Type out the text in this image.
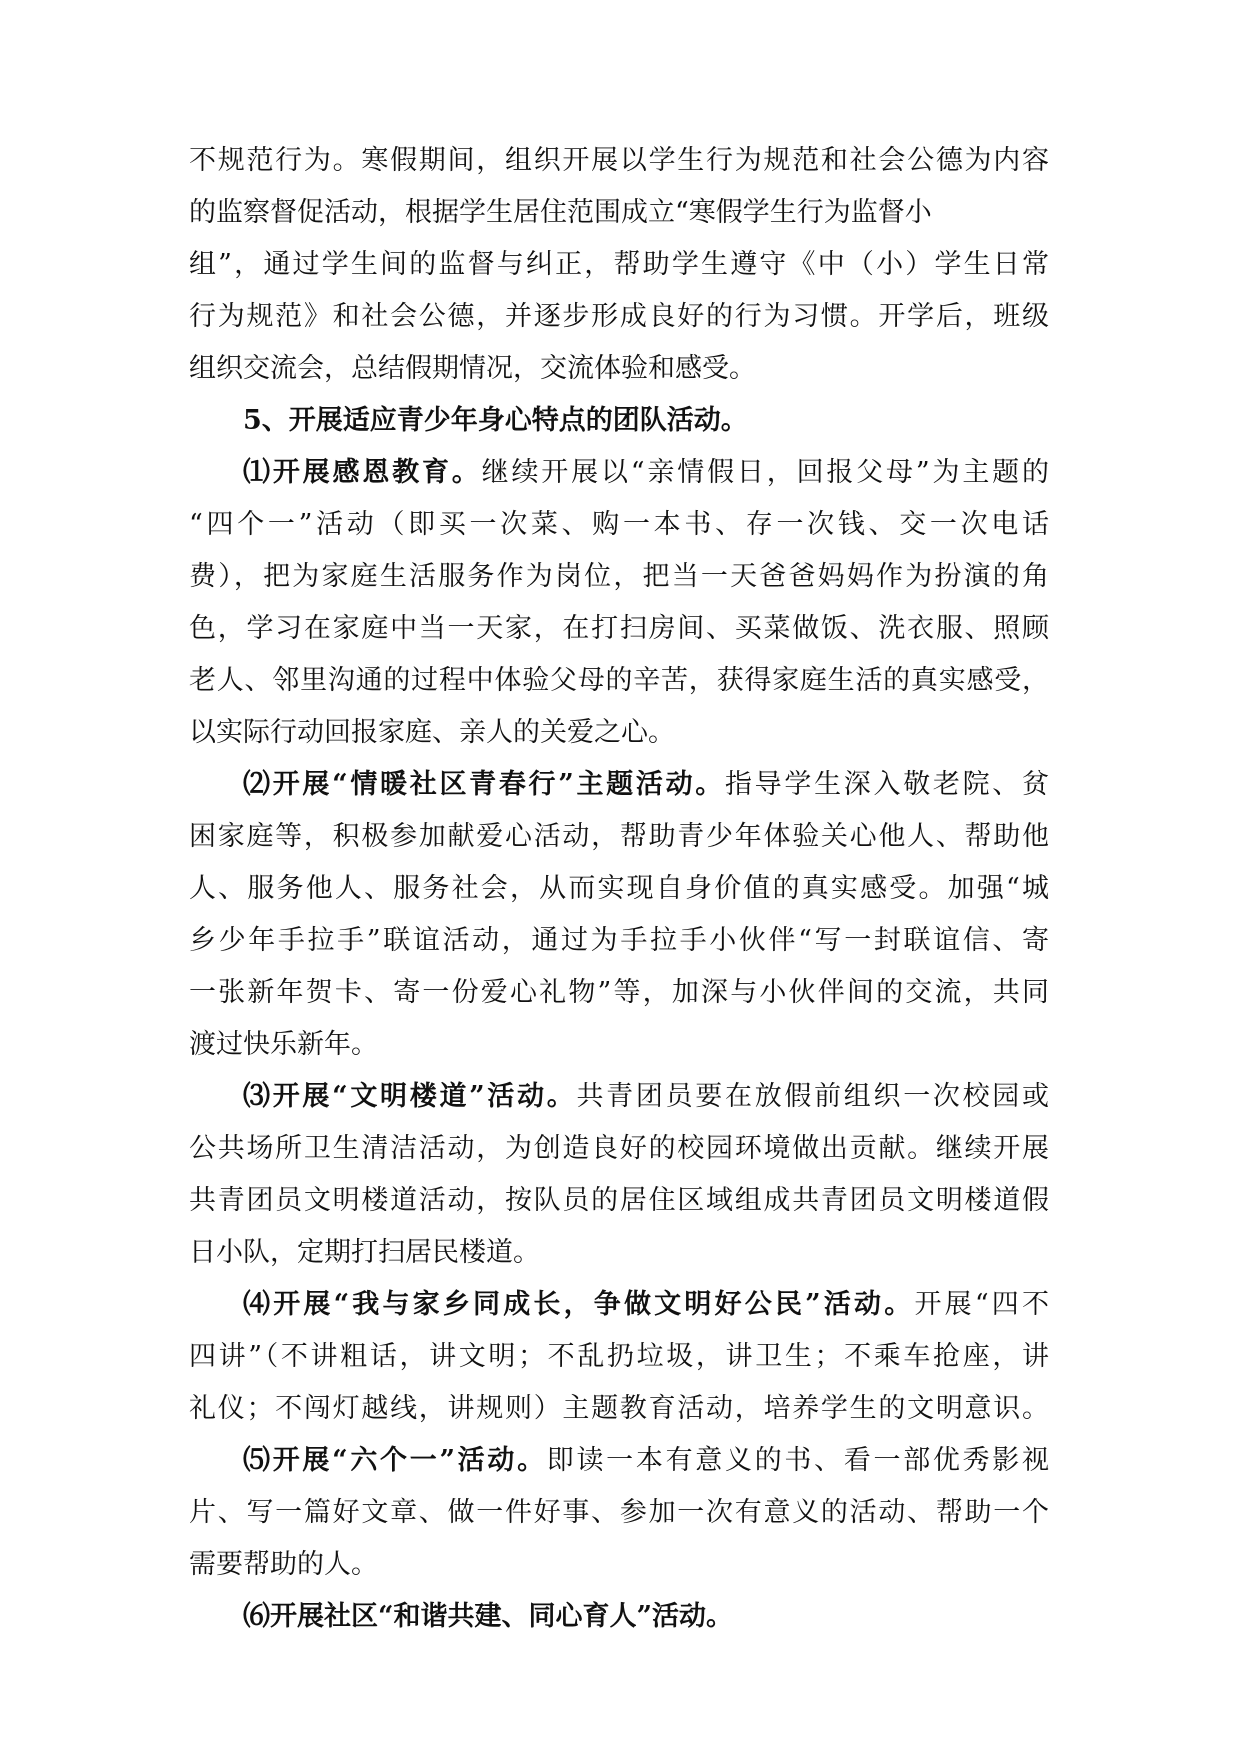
不规范行为。寒假期间，组织开展以学生行为规范和社会公德为内容
的监察督促活动，根据学生居住范围成立“寒假学生行为监督小
组”，通过学生间的监督与纠正，帮助学生遵守《中（小）学生日常
行为规范》和社会公德，并逐步形成良好的行为习惯。开学后，班级
组织交流会，总结假期情况，交流体验和感受。
5、开展适应青少年身心特点的团队活动。
⑴开展感恩教育。继续开展以“亲情假日，回报父母”为主题的
“四个一”活动（即买一次菜、购一本书、存一次钱、交一次电话
费），把为家庭生活服务作为岗位，把当一天爸爸妈妈作为扮演的角
色，学习在家庭中当一天家，在打扫房间、买菜做饭、洗衣服、照顾
老人、邻里沟通的过程中体验父母的辛苦，获得家庭生活的真实感受，
以实际行动回报家庭、亲人的关爱之心。
⑵开展“情暖社区青春行”主题活动。指导学生深入敬老院、贫
困家庭等，积极参加献爱心活动，帮助青少年体验关心他人、帮助他
人、服务他人、服务社会，从而实现自身价值的真实感受。加强“城
乡少年手拉手”联谊活动，通过为手拉手小伙伴“写一封联谊信、寄
一张新年贺卡、寄一份爱心礼物”等，加深与小伙伴间的交流，共同
渡过快乐新年。
⑶开展“文明楼道”活动。共青团员要在放假前组织一次校园或
公共场所卫生清洁活动，为创造良好的校园环境做出贡献。继续开展
共青团员文明楼道活动，按队员的居住区域组成共青团员文明楼道假
日小队，定期打扫居民楼道。
⑷开展“我与家乡同成长，争做文明好公民”活动。开展“四不
四讲”（不讲粗话，讲文明；不乱扔垃圾，讲卫生；不乘车抢座，讲
礼仪；不闯灯越线，讲规则）主题教育活动，培养学生的文明意识。
⑸开展“六个一”活动。即读一本有意义的书、看一部优秀影视
片、写一篇好文章、做一件好事、参加一次有意义的活动、帮助一个
需要帮助的人。
⑹开展社区“和谐共建、同心育人”活动。
